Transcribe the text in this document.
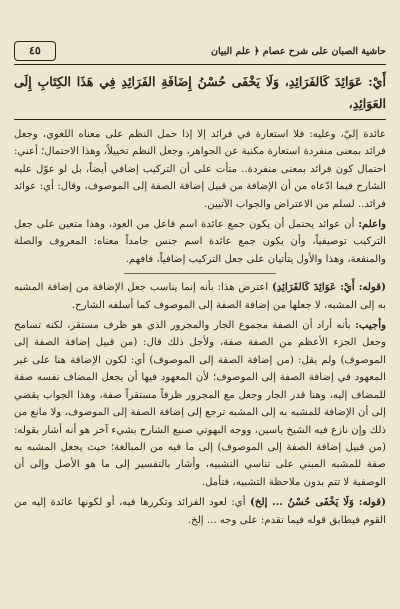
حاشية الصبان على شرح عصام ﴿ علم البيان
٤٥
أَيْ: عَوَائِدَ كَالفَرَائِدِ، وَلَا يَخْفَى حُسْنُ إِضَافَةِ الفَرَائِدِ فِي هَذَا الكِتَابِ إِلَى العَوَائِدِ،

عائدة إليّ، وعليه: فلا استعارة في فرائد إلا إذا حمل النظم على معناه اللغوي، وجعل فرائد بمعنى منفردة استعارة مكنية عن الجواهر، وجعل النظم تخييلاً، وهذا الاحتمال؛ أعني: احتمال كون فرائد بمعنى منفردة.. متأت على أن التركيب إضافي أيضاً، بل لو عوّل عليه الشارح فيما ادّعاه من أن الإضافة من قبيل إضافة الصفة إلى الموصوف، وقال: أي: عوائد فرائد.. لسلم من الاعتراض والجواب الآتيين.

واعلم: أن عوائد يحتمل أن يكون جمع عائدة اسم فاعل من العود، وهذا متعين على جعل التركيب توصيفياً، وأن يكون جمع عائدة اسم جنس جامداً معناه: المعروف والصلة والمنفعة، وهذا والأول يتأتيان على جعل التركيب إضافياً، فافهم.

(قوله: أَيْ: عَوَائِدَ كَالفَرَائِدِ) اعترض هذا: بأنه إنما يناسب جعل الإضافة من إضافة المشبه به إلى المشبه، لا جعلها من إضافة الصفة إلى الموصوف كما أسلفه الشارح.

وأجيب: بأنه أراد أن الصفة مجموع الجار والمجرور الذي هو ظرف مستقر، لكنه تسامح وجعل الجزء الأعظم من الصفة صفة، ولأجل ذلك قال: (من قبيل إضافة الصفة إلى الموصوف) ولم يقل: (من إضافة الصفة إلى الموصوف) أي: لكون الإضافة هنا على غير المعهود في إضافة الصفة إلى الموصوف؛ لأن المعهود فيها أن يجعل المضاف نفسه صفة للمضاف إليه، وهنا قدر الجار وجعل مع المجرور ظرفاً مستقراً صفة، وهذا الجواب يقضي إلى أن الإضافة للمشبه به إلى المشبه ترجع إلى إضافة الصفة إلى الموصوف، ولا مانع من ذلك وإن نازع فيه الشيخ ياسين، ووجه البهوتي صنيع الشارح بشيء آخر هو أنه أشار بقوله: (من قبيل إضافة الصفة إلى الموصوف) إلى ما فيه من المبالغة؛ حيث يجعل المشبه به صفة للمشبه المبني على تناسي التشبيه، وأشار بالتفسير إلى ما هو الأصل وإلى أن الوصفية لا تتم بدون ملاحظة التشبيه، فتأمل.

(قوله: وَلَا يَخْفَى حُسْنُ ... إلخ) أي: لعود الفرائد وتكررها فيه، أو لكونها عائدة إليه من القوم فيطابق قوله فيما تقدم: على وجه ... إلخ.
